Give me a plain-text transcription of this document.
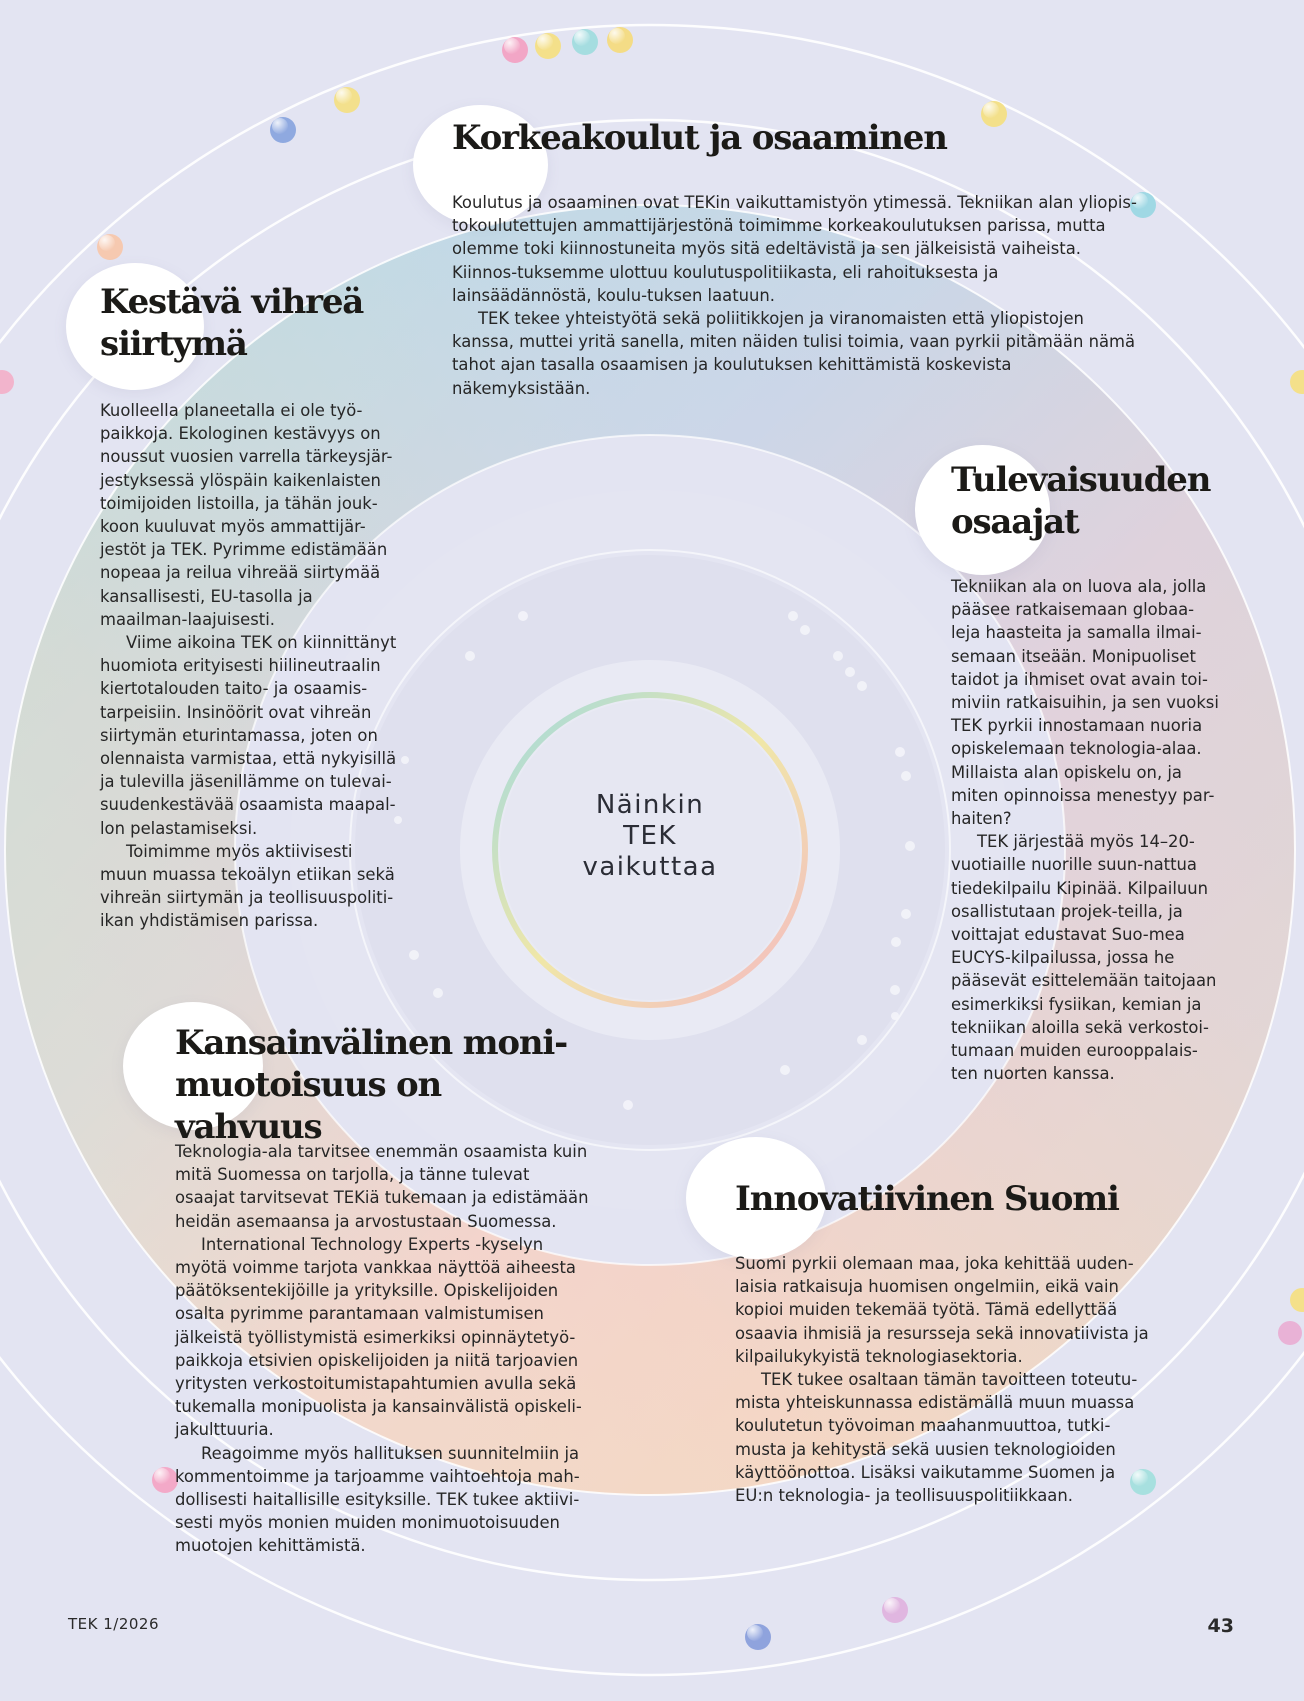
Näinkin
TEK
vaikuttaa
Korkeakoulut ja osaaminen

Koulutus ja osaaminen ovat TEKin vaikuttamistyön ytimessä. Tekniikan alan yliopis-tokoulutettujen ammattijärjestönä toimimme korkeakoulutuksen parissa, mutta olemme toki kiinnostuneita myös sitä edeltävistä ja sen jälkeisistä vaiheista. Kiinnos-tuksemme ulottuu koulutuspolitiikasta, eli rahoituksesta ja lainsäädännöstä, koulu-tuksen laatuun.

TEK tekee yhteistyötä sekä poliitikkojen ja viranomaisten että yliopistojen kanssa, muttei yritä sanella, miten näiden tulisi toimia, vaan pyrkii pitämään nämä tahot ajan tasalla osaamisen ja koulutuksen kehittämistä koskevista näkemyksistään.

Kestävä vihreä siirtymä

Kuolleella planeetalla ei ole työ-paikkoja. Ekologinen kestävyys on noussut vuosien varrella tärkeysjär-jestyksessä ylöspäin kaikenlaisten toimijoiden listoilla, ja tähän jouk-koon kuuluvat myös ammattijär-jestöt ja TEK. Pyrimme edistämään nopeaa ja reilua vihreää siirtymää kansallisesti, EU-tasolla ja maailman-laajuisesti.

Viime aikoina TEK on kiinnittänyt huomiota erityisesti hiilineutraalin kiertotalouden taito- ja osaamis-tarpeisiin. Insinöörit ovat vihreän siirtymän eturintamassa, joten on olennaista varmistaa, että nykyisillä ja tulevilla jäsenillämme on tulevai-suudenkestävää osaamista maapal-lon pelastamiseksi.

Toimimme myös aktiivisesti muun muassa tekoälyn etiikan sekä vihreän siirtymän ja teollisuuspoliti-ikan yhdistämisen parissa.

Tulevaisuuden osaajat

Tekniikan ala on luova ala, jolla pääsee ratkaisemaan globaa-leja haasteita ja samalla ilmai-semaan itseään. Monipuoliset taidot ja ihmiset ovat avain toi-miviin ratkaisuihin, ja sen vuoksi TEK pyrkii innostamaan nuoria opiskelemaan teknologia-alaa. Millaista alan opiskelu on, ja miten opinnoissa menestyy par-haiten?

TEK järjestää myös 14–20-vuotiaille nuorille suun-nattua tiedekilpailu Kipinää. Kilpailuun osallistutaan projek-teilla, ja voittajat edustavat Suo-mea EUCYS-kilpailussa, jossa he pääsevät esittelemään taitojaan esimerkiksi fysiikan, kemian ja tekniikan aloilla sekä verkostoi-tumaan muiden eurooppalais-ten nuorten kanssa.

Kansainvälinen moni-muotoisuus on vahvuus

Teknologia-ala tarvitsee enemmän osaamista kuin mitä Suomessa on tarjolla, ja tänne tulevat osaajat tarvitsevat TEKiä tukemaan ja edistämään heidän asemaansa ja arvostustaan Suomessa.

International Technology Experts -kyselyn myötä voimme tarjota vankkaa näyttöä aiheesta päätöksentekijöille ja yrityksille. Opiskelijoiden osalta pyrimme parantamaan valmistumisen jälkeistä työllistymistä esimerkiksi opinnäytetyö-paikkoja etsivien opiskelijoiden ja niitä tarjoavien yritysten verkostoitumistapahtumien avulla sekä tukemalla monipuolista ja kansainvälistä opiskeli-jakulttuuria.

Reagoimme myös hallituksen suunnitelmiin ja kommentoimme ja tarjoamme vaihtoehtoja mah-dollisesti haitallisille esityksille. TEK tukee aktiivi-sesti myös monien muiden monimuotoisuuden muotojen kehittämistä.

Innovatiivinen Suomi

Suomi pyrkii olemaan maa, joka kehittää uuden-laisia ratkaisuja huomisen ongelmiin, eikä vain kopioi muiden tekemää työtä. Tämä edellyttää osaavia ihmisiä ja resursseja sekä innovatiivista ja kilpailukykyistä teknologiasektoria.

TEK tukee osaltaan tämän tavoitteen toteutu-mista yhteiskunnassa edistämällä muun muassa koulutetun työvoiman maahanmuuttoa, tutki-musta ja kehitystä sekä uusien teknologioiden käyttöönottoa. Lisäksi vaikutamme Suomen ja EU:n teknologia- ja teollisuuspolitiikkaan.

TEK 1/2026	43
